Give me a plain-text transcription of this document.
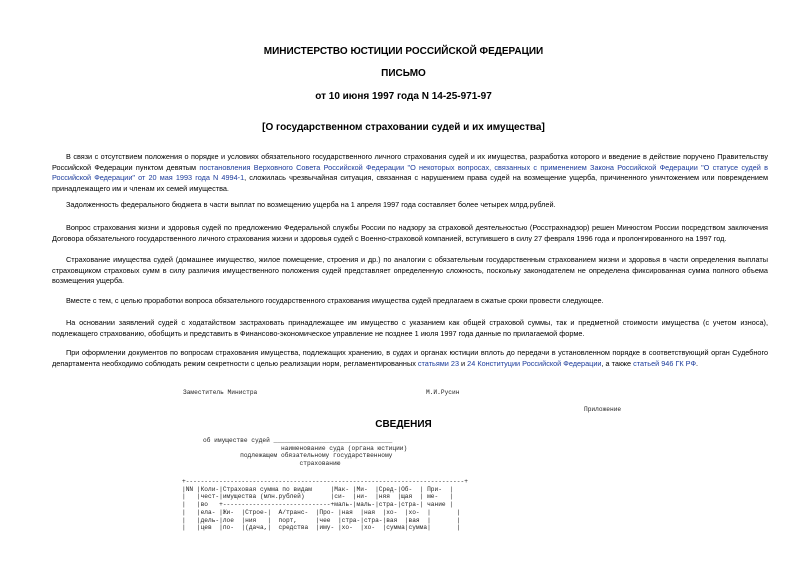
МИНИСТЕРСТВО ЮСТИЦИИ РОССИЙСКОЙ ФЕДЕРАЦИИ
ПИСЬМО
от 10 июня 1997 года N 14-25-971-97
[О государственном страховании судей и их имущества]
В связи с отсутствием положения о порядке и условиях обязательного государственного личного страхования судей и их имущества, разработка которого и введение в действие поручено Правительству Российской Федерации пунктом девятым постановления Верховного Совета Российской Федерации "О некоторых вопросах, связанных с применением Закона Российской Федерации "О статусе судей в Российской Федерации" от 20 мая 1993 года N 4994-1, сложилась чрезвычайная ситуация, связанная с нарушением права судей на возмещение ущерба, причиненного уничтожением или повреждением принадлежащего им и членам их семей имущества.
Задолженность федерального бюджета в части выплат по возмещению ущерба на 1 апреля 1997 года составляет более четырех млрд.рублей.
Вопрос страхования жизни и здоровья судей по предложению Федеральной службы России по надзору за страховой деятельностью (Росстрахнадзор) решен Минюстом России посредством заключения Договора обязательного государственного личного страхования жизни и здоровья судей с Военно-страховой компанией, вступившего в силу 27 февраля 1996 года и пролонгированного на 1997 год.
Страхование имущества судей (домашнее имущество, жилое помещение, строения и др.) по аналогии с обязательным государственным страхованием жизни и здоровья в части определения выплаты страховщиком страховых сумм в силу различия имущественного положения судей представляет определенную сложность, поскольку законодателем не определена фиксированная сумма полного объема возмещения ущерба.
Вместе с тем, с целью проработки вопроса обязательного государственного страхования имущества судей предлагаем в сжатые сроки провести следующее.
На основании заявлений судей с ходатайством застраховать принадлежащее им имущество с указанием как общей страховой суммы, так и предметной стоимости имущества (с учетом износа), подлежащего страхованию, обобщить и представить в Финансово-экономическое управление не позднее 1 июля 1997 года данные по прилагаемой форме.
При оформлении документов по вопросам страхования имущества, подлежащих хранению, в судах и органах юстиции вплоть до передачи в установленном порядке в соответствующий орган Судебного департамента необходимо соблюдать режим секретности с целью реализации норм, регламентированных статьями 23 и 24 Конституции Российской Федерации, а также статьей 946 ГК РФ.
Заместитель Министра	М.И.Русин
Приложение
СВЕДЕНИЯ
об имуществе судей ________________________________
наименование суда (органа юстиции)
подлежащем обязательному государственному
страхованию
+---------------------------------------------------------------------------+
|NN |Коли-|Страховая сумма по видам     |Мак- |Ми-  |Сред-|Об-  | При-  |
|   |чест-|имущества (млн.рублей)       |си-  |ни-  |няя  |щая  | ме-   |
|   |во   +-----------------------------+маль-|маль-|стра-|стра-| чание |
|   |ела- |Жи-  |Строе-|  А/транс-  |Про- |ная  |ная  |хо-  |хо-  |       |
|   |дель-|лое  |ния   |  порт,     |чее  |стра-|стра-|вая  |вая  |       |
|   |цев  |по-  |(дача,|  средства  |иму- |хо-  |хо-  |сумма|сумма|       |
